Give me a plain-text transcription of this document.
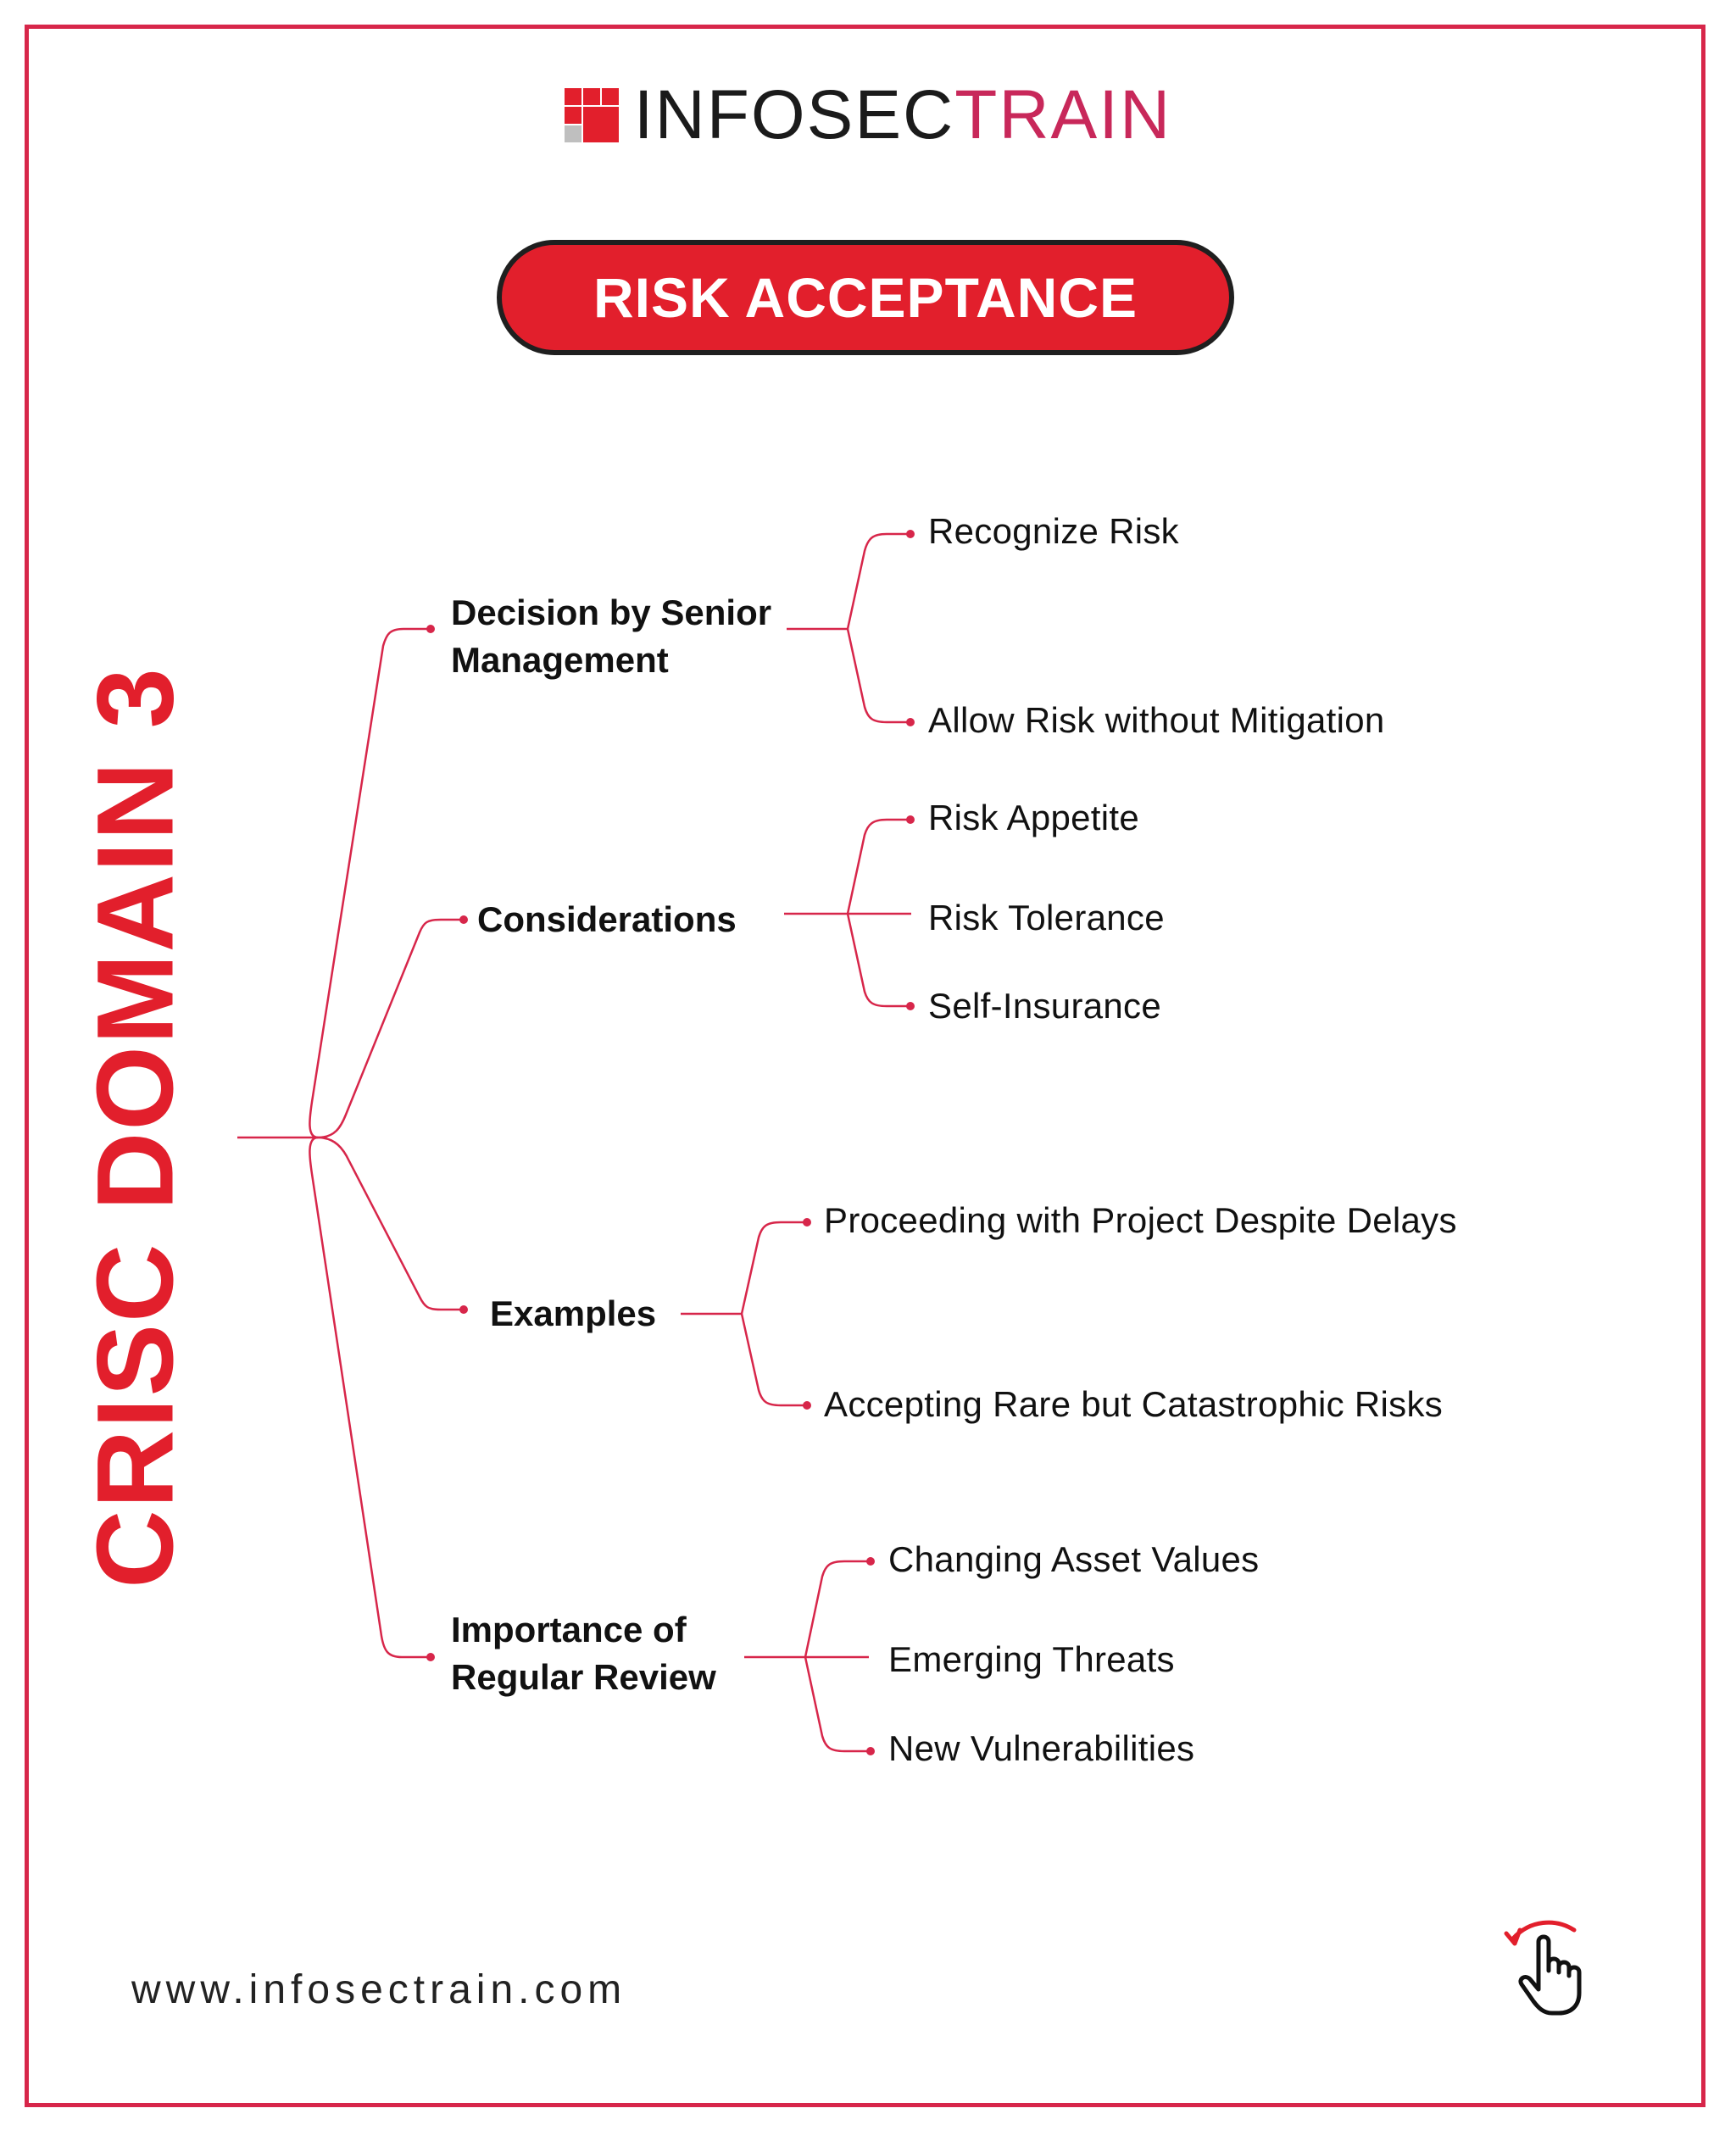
INFOSECTRAIN
RISK ACCEPTANCE
CRISC DOMAIN 3
Decision by Senior
Management
Considerations
Examples
Importance of
Regular Review
Recognize Risk
Allow Risk without Mitigation
Risk Appetite
Risk Tolerance
Self-Insurance
Proceeding with Project Despite Delays
Accepting Rare but Catastrophic Risks
Changing Asset Values
Emerging Threats
New Vulnerabilities
www.infosectrain.com
